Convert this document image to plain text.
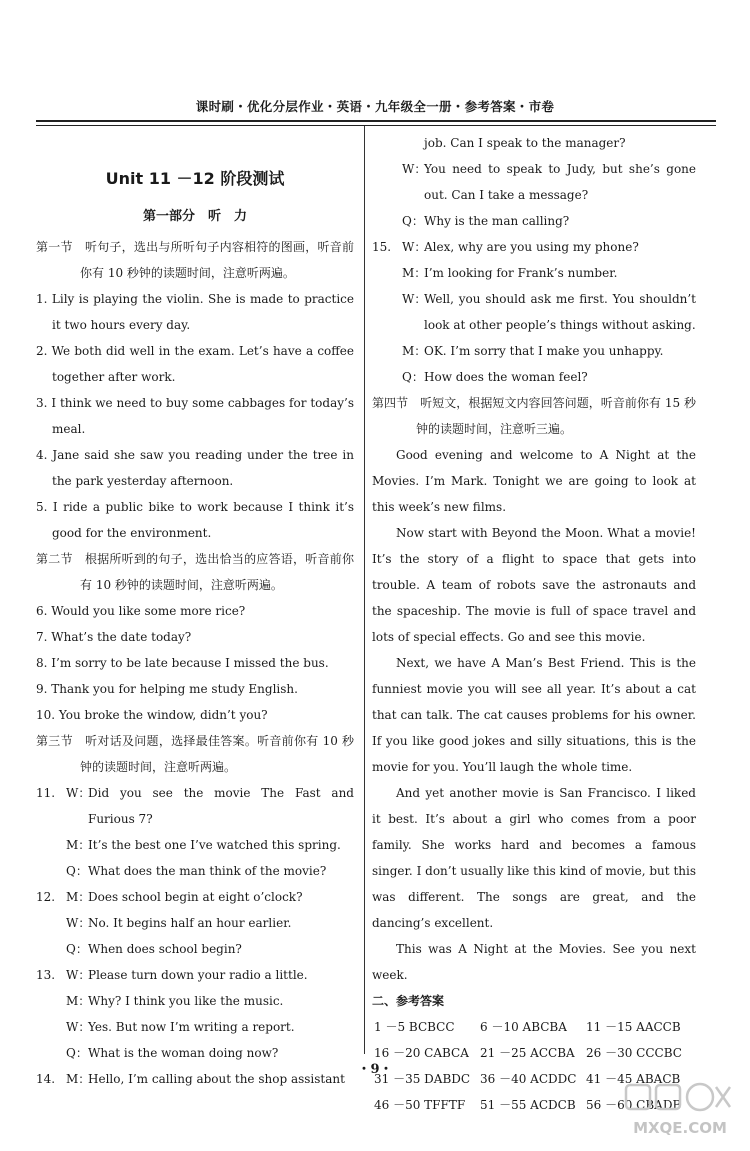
课时刷・优化分层作业・英语・九年级全一册・参考答案・市卷
Unit 11 －12 阶段测试
第一部分　听　力
第一节　听句子，选出与所听句子内容相符的图画，听音前你有 10 秒钟的读题时间，注意听两遍。
1. Lily is playing the violin. She is made to practice it two hours every day.
2. We both did well in the exam. Let’s have a coffee together after work.
3. I think we need to buy some cabbages for today’s meal.
4. Jane said she saw you reading under the tree in the park yesterday afternoon.
5. I ride a public bike to work because I think it’s good for the environment.
第二节　根据所听到的句子，选出恰当的应答语，听音前你有 10 秒钟的读题时间，注意听两遍。
6. Would you like some more rice?
7. What’s the date today?
8. I’m sorry to be late because I missed the bus.
9. Thank you for helping me study English.
10. You broke the window, didn’t you?
第三节　听对话及问题，选择最佳答案。听音前你有 10 秒钟的读题时间，注意听两遍。
11. W：
Did you see the movie The Fast and Furious 7?
M：
It’s the best one I’ve watched this spring.
Q： What does the man think of the movie?
12. M：
Does school begin at eight o’clock?
W：
No. It begins half an hour earlier.
Q： When does school begin?
13. W：
Please turn down your radio a little.
M：
Why? I think you like the music.
W：
Yes. But now I’m writing a report.
Q： What is the woman doing now?
14. M：
Hello, I’m calling about the shop assistant
job. Can I speak to the manager?
W：
You need to speak to Judy, but she’s gone out. Can I take a message?
Q： Why is the man calling?
15. W：
Alex, why are you using my phone?
M：
I’m looking for Frank’s number.
W：
Well, you should ask me first. You shouldn’t look at other people’s things without asking.
M：
OK. I’m sorry that I make you unhappy.
Q： How does the woman feel?
第四节　听短文，根据短文内容回答问题，听音前你有 15 秒钟的读题时间，注意听三遍。
Good evening and welcome to A Night at the Movies. I’m Mark. Tonight we are going to look at this week’s new films.
Now start with Beyond the Moon. What a movie! It’s the story of a flight to space that gets into trouble. A team of robots save the astronauts and the spaceship. The movie is full of space travel and lots of special effects. Go and see this movie.
Next, we have A Man’s Best Friend. This is the funniest movie you will see all year. It’s about a cat that can talk. The cat causes problems for his owner. If you like good jokes and silly situations, this is the movie for you. You’ll laugh the whole time.
And yet another movie is San Francisco. I liked it best. It’s about a girl who comes from a poor family. She works hard and becomes a famous singer. I don’t usually like this kind of movie, but this was different. The songs are great, and the dancing’s excellent.
This was A Night at the Movies. See you next week.
二、参考答案
1 －5 BCBCC	6 －10 ABCBA	11 －15 AACCB
16 －20 CABCA 21 －25 ACCBA 26 －30 CCCBC
31 －35 DABDC 36 －40 ACDDC 41 －45 ABACB
46 －50 TFFTF	51 －55 ACDCB 56 －60 CBADB
・9・
MXQE.COM
